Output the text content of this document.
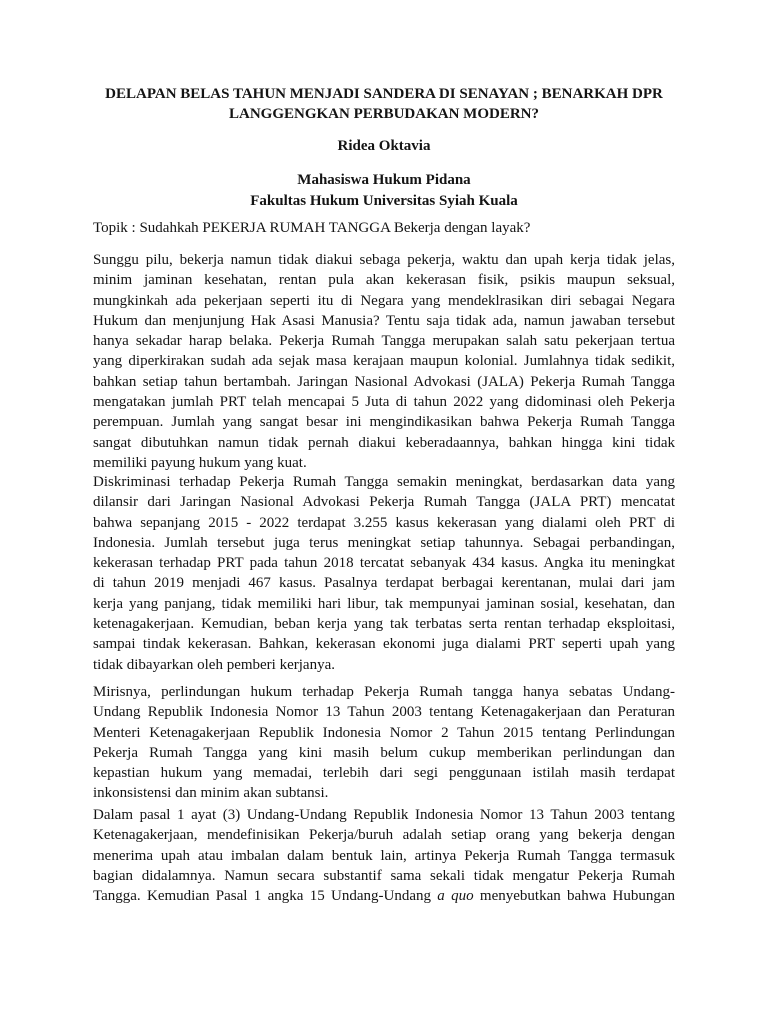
DELAPAN BELAS TAHUN MENJADI SANDERA DI SENAYAN ; BENARKAH DPR
LANGGENGKAN PERBUDAKAN MODERN?
Ridea Oktavia
Mahasiswa Hukum Pidana
Fakultas Hukum Universitas Syiah Kuala
Topik : Sudahkah PEKERJA RUMAH TANGGA Bekerja dengan layak?
Sunggu pilu, bekerja namun tidak diakui sebaga pekerja, waktu dan upah kerja tidak jelas,
minim jaminan kesehatan, rentan pula akan kekerasan fisik, psikis maupun seksual,
mungkinkah ada pekerjaan seperti itu di Negara yang mendeklrasikan diri sebagai Negara
Hukum dan menjunjung Hak Asasi Manusia? Tentu saja tidak ada, namun jawaban tersebut
hanya sekadar harap belaka. Pekerja Rumah Tangga merupakan salah satu pekerjaan tertua
yang diperkirakan sudah ada sejak masa kerajaan maupun kolonial. Jumlahnya tidak sedikit,
bahkan setiap tahun bertambah. Jaringan Nasional Advokasi (JALA) Pekerja Rumah Tangga
mengatakan jumlah PRT telah mencapai 5 Juta di tahun 2022 yang didominasi oleh Pekerja
perempuan. Jumlah yang sangat besar ini mengindikasikan bahwa Pekerja Rumah Tangga
sangat dibutuhkan namun tidak pernah diakui keberadaannya, bahkan hingga kini tidak
memiliki payung hukum yang kuat.
Diskriminasi terhadap Pekerja Rumah Tangga semakin meningkat, berdasarkan data yang
dilansir dari Jaringan Nasional Advokasi Pekerja Rumah Tangga (JALA PRT) mencatat
bahwa sepanjang 2015 - 2022 terdapat 3.255 kasus kekerasan yang dialami oleh PRT di
Indonesia. Jumlah tersebut juga terus meningkat setiap tahunnya. Sebagai perbandingan,
kekerasan terhadap PRT pada tahun 2018 tercatat sebanyak 434 kasus. Angka itu meningkat
di tahun 2019 menjadi 467 kasus. Pasalnya terdapat berbagai kerentanan, mulai dari jam
kerja yang panjang, tidak memiliki hari libur, tak mempunyai jaminan sosial, kesehatan, dan
ketenagakerjaan. Kemudian, beban kerja yang tak terbatas serta rentan terhadap eksploitasi,
sampai tindak kekerasan. Bahkan, kekerasan ekonomi juga dialami PRT seperti upah yang
tidak dibayarkan oleh pemberi kerjanya.
Mirisnya, perlindungan hukum terhadap Pekerja Rumah tangga hanya sebatas Undang-
Undang Republik Indonesia Nomor 13 Tahun 2003 tentang Ketenagakerjaan dan Peraturan
Menteri Ketenagakerjaan Republik Indonesia Nomor 2 Tahun 2015 tentang Perlindungan
Pekerja Rumah Tangga yang kini masih belum cukup memberikan perlindungan dan
kepastian hukum yang memadai, terlebih dari segi penggunaan istilah masih terdapat
inkonsistensi dan minim akan subtansi.
Dalam pasal 1 ayat (3) Undang-Undang Republik Indonesia Nomor 13 Tahun 2003 tentang
Ketenagakerjaan, mendefinisikan Pekerja/buruh adalah setiap orang yang bekerja dengan
menerima upah atau imbalan dalam bentuk lain, artinya Pekerja Rumah Tangga termasuk
bagian didalamnya. Namun secara substantif sama sekali tidak mengatur Pekerja Rumah
Tangga. Kemudian Pasal 1 angka 15 Undang-Undang a quo menyebutkan bahwa Hubungan
